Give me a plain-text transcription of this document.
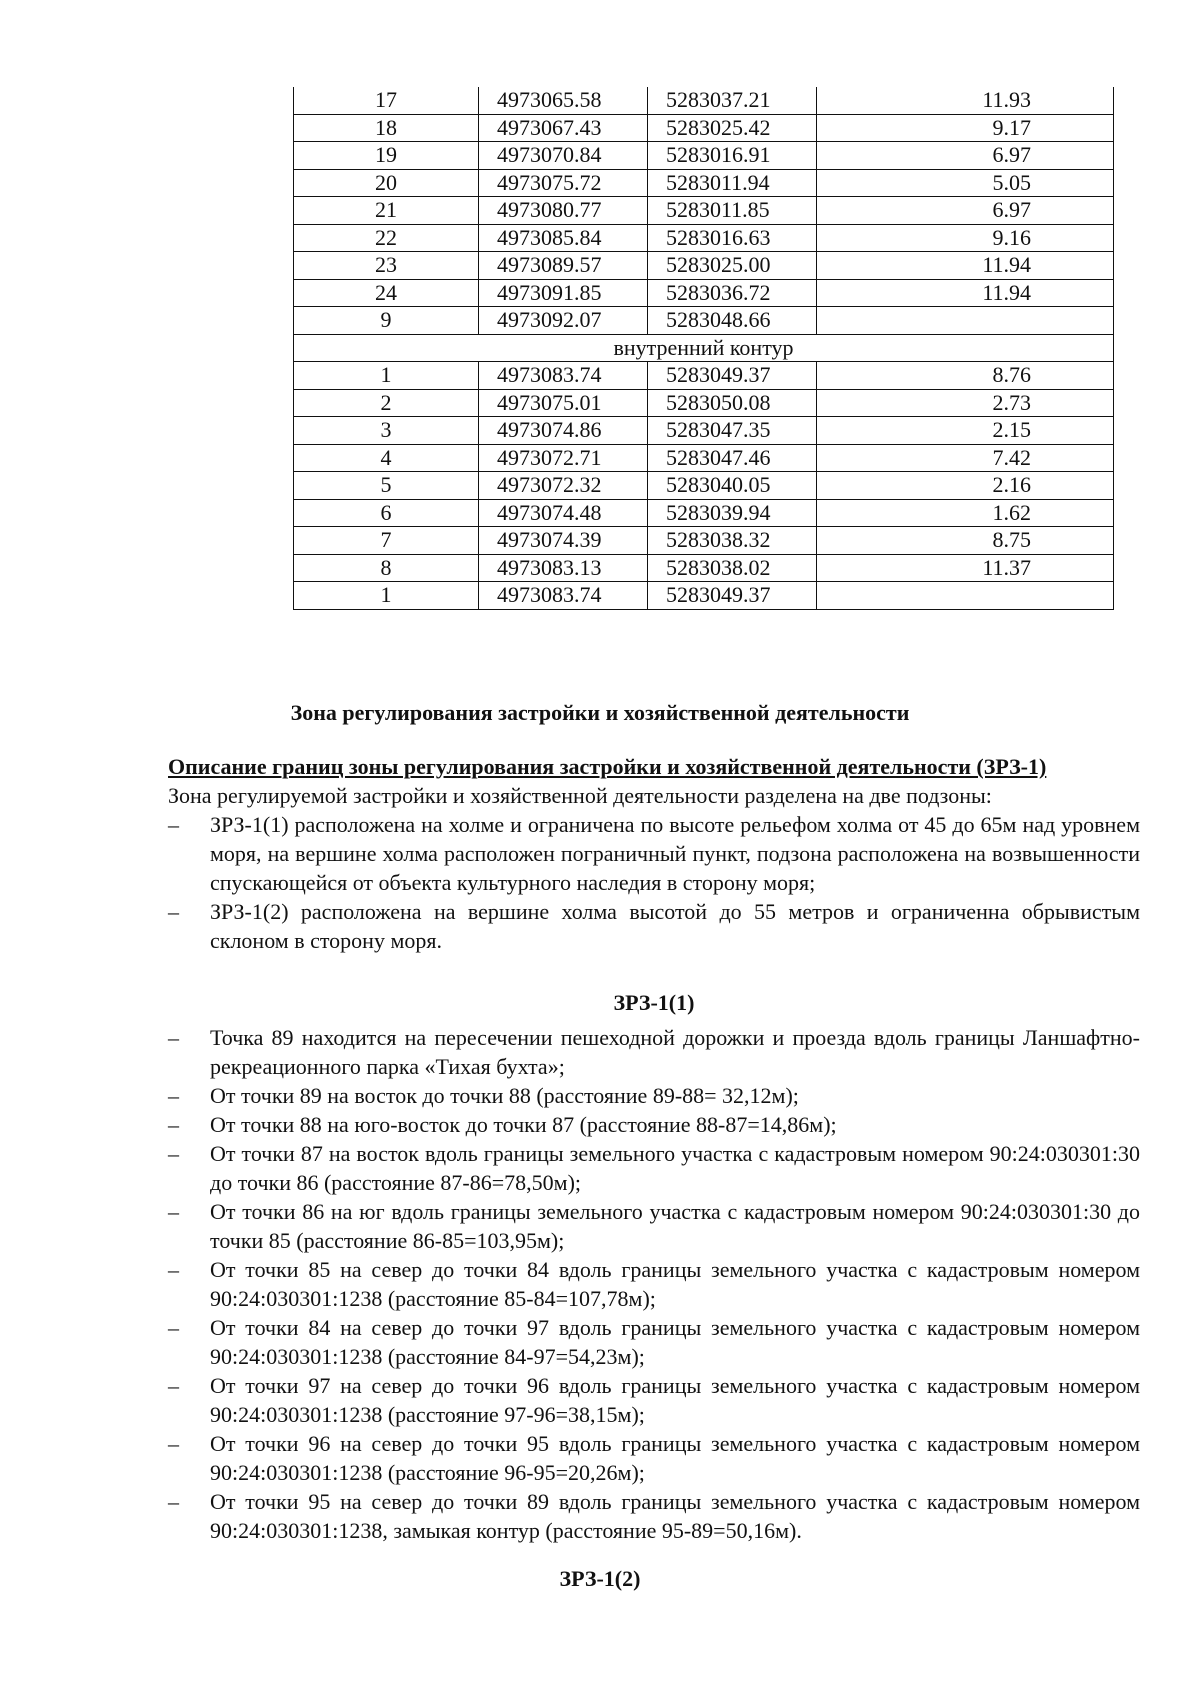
17	4973065.58	5283037.21	11.93
18	4973067.43	5283025.42	9.17
19	4973070.84	5283016.91	6.97
20	4973075.72	5283011.94	5.05
21	4973080.77	5283011.85	6.97
22	4973085.84	5283016.63	9.16
23	4973089.57	5283025.00	11.94
24	4973091.85	5283036.72	11.94
9	4973092.07	5283048.66	
внутренний контур			
1	4973083.74	5283049.37	8.76
2	4973075.01	5283050.08	2.73
3	4973074.86	5283047.35	2.15
4	4973072.71	5283047.46	7.42
5	4973072.32	5283040.05	2.16
6	4973074.48	5283039.94	1.62
7	4973074.39	5283038.32	8.75
8	4973083.13	5283038.02	11.37
1	4973083.74	5283049.37	
Зона регулирования застройки и хозяйственной деятельности
Описание границ зоны регулирования застройки и хозяйственной деятельности (ЗРЗ-1)
Зона регулируемой застройки и хозяйственной деятельности разделена на две подзоны:
– ЗРЗ-1(1) расположена на холме и ограничена по высоте рельефом холма от 45 до 65м над уровнем моря, на вершине холма расположен пограничный пункт, подзона расположена на возвышенности спускающейся от объекта культурного наследия в сторону моря;
– ЗРЗ-1(2) расположена на вершине холма высотой до 55 метров и ограниченна обрывистым склоном в сторону моря.
ЗРЗ-1(1)
– Точка 89 находится на пересечении пешеходной дорожки и проезда вдоль границы Ланшафтно- рекреационного парка «Тихая бухта»;
– От точки 89 на восток до точки 88 (расстояние 89-88= 32,12м);
– От точки 88 на юго-восток до точки 87 (расстояние 88-87=14,86м);
– От точки 87 на восток вдоль границы земельного участка с кадастровым номером 90:24:030301:30 до точки 86 (расстояние 87-86=78,50м);
– От точки 86 на юг вдоль границы земельного участка с кадастровым номером 90:24:030301:30 до точки 85 (расстояние 86-85=103,95м);
– От точки 85 на север до точки 84 вдоль границы земельного участка с кадастровым номером 90:24:030301:1238 (расстояние 85-84=107,78м);
– От точки 84 на север до точки 97 вдоль границы земельного участка с кадастровым номером 90:24:030301:1238 (расстояние 84-97=54,23м);
– От точки 97 на север до точки 96 вдоль границы земельного участка с кадастровым номером 90:24:030301:1238 (расстояние 97-96=38,15м);
– От точки 96 на север до точки 95 вдоль границы земельного участка с кадастровым номером 90:24:030301:1238 (расстояние 96-95=20,26м);
– От точки 95 на север до точки 89 вдоль границы земельного участка с кадастровым номером 90:24:030301:1238, замыкая контур (расстояние 95-89=50,16м).
ЗРЗ-1(2)
